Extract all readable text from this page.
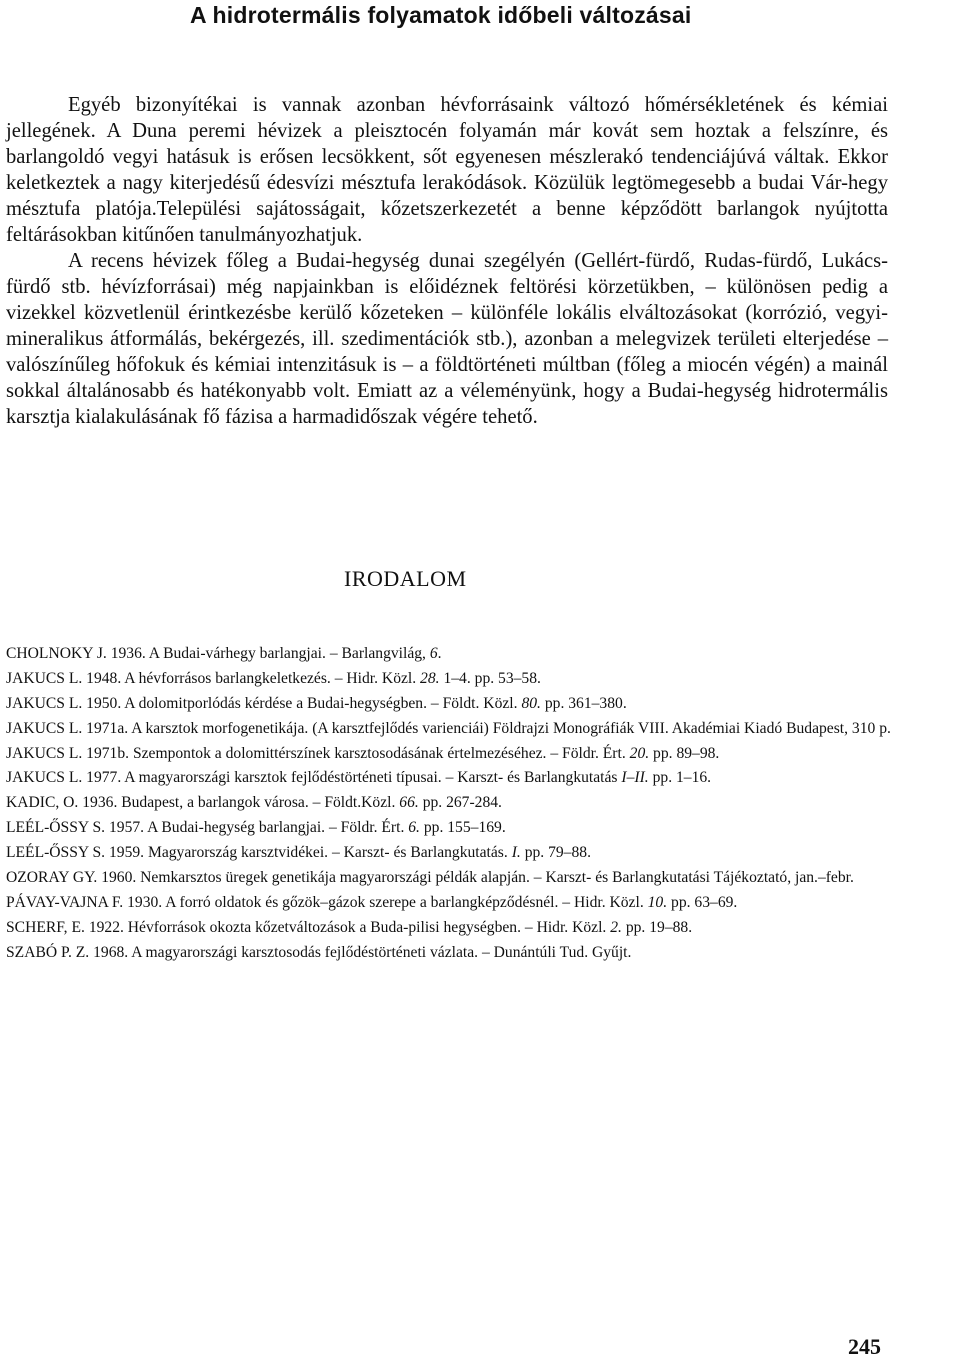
A hidrotermális folyamatok időbeli változásai

Egyéb bizonyítékai is vannak azonban hévforrásaink változó hőmérsékletének és kémiai jellegének. A Duna peremi hévizek a pleisztocén folyamán már kovát sem hoztak a felszínre, és barlangoldó vegyi hatásuk is erősen lecsökkent, sőt egyenesen mészlerakó tendenciájúvá váltak. Ekkor keletkeztek a nagy kiterjedésű édesvízi mésztufa lerakódások. Közülük legtömegesebb a budai Vár-hegy mésztufa platója.Települési sajátosságait, kőzetszerkezetét a benne képződött barlangok nyújtotta feltárásokban kitűnően tanulmányozhatjuk.

A recens hévizek főleg a Budai-hegység dunai szegélyén (Gellért-fürdő, Rudas-fürdő, Lukács-fürdő stb. hévízforrásai) még napjainkban is előidéznek feltörési körzetükben, – különösen pedig a vizekkel közvetlenül érintkezésbe kerülő kőzeteken – különféle lokális elváltozásokat (korrózió, vegyi-mineralikus átformálás, bekérgezés, ill. szedimentációk stb.), azonban a melegvizek területi elterjedése – valószínűleg hőfokuk és kémiai intenzitásuk is – a földtörténeti múltban (főleg a miocén végén) a mainál sokkal általánosabb és hatékonyabb volt. Emiatt az a véleményünk, hogy a Budai-hegység hidrotermális karsztja kialakulásának fő fázisa a harmadidőszak végére tehető.

IRODALOM
CHOLNOKY J. 1936. A Budai-várhegy barlangjai. – Barlangvilág, 6.
JAKUCS L. 1948. A hévforrásos barlangkeletkezés. – Hidr. Közl. 28. 1–4. pp. 53–58.
JAKUCS L. 1950. A dolomitporlódás kérdése a Budai-hegységben. – Földt. Közl. 80. pp. 361–380.
JAKUCS L. 1971a. A karsztok morfogenetikája. (A karsztfejlődés varienciái) Földrajzi Monográfiák VIII. Akadémiai Kiadó Budapest, 310 p.
JAKUCS L. 1971b. Szempontok a dolomittérszínek karsztosodásának értelmezéséhez. – Földr. Ért. 20. pp. 89–98.
JAKUCS L. 1977. A magyarországi karsztok fejlődéstörténeti típusai. – Karszt- és Barlangkutatás I–II. pp. 1–16.
KADIC, O. 1936. Budapest, a barlangok városa. – Földt.Közl. 66. pp. 267-284.
LEÉL-ŐSSY S. 1957. A Budai-hegység barlangjai. – Földr. Ért. 6. pp. 155–169.
LEÉL-ŐSSY S. 1959. Magyarország karsztvidékei. – Karszt- és Barlangkutatás. I. pp. 79–88.
OZORAY GY. 1960. Nemkarsztos üregek genetikája magyarországi példák alapján. – Karszt- és Barlangkutatási Tájékoztató, jan.–febr.
PÁVAY-VAJNA F. 1930. A forró oldatok és gőzök–gázok szerepe a barlangképződésnél. – Hidr. Közl. 10. pp. 63–69.
SCHERF, E. 1922. Hévforrások okozta kőzetváltozások a Buda-pilisi hegységben. – Hidr. Közl. 2. pp. 19–88.
SZABÓ P. Z. 1968. A magyarországi karsztosodás fejlődéstörténeti vázlata. – Dunántúli Tud. Gyűjt.
245
